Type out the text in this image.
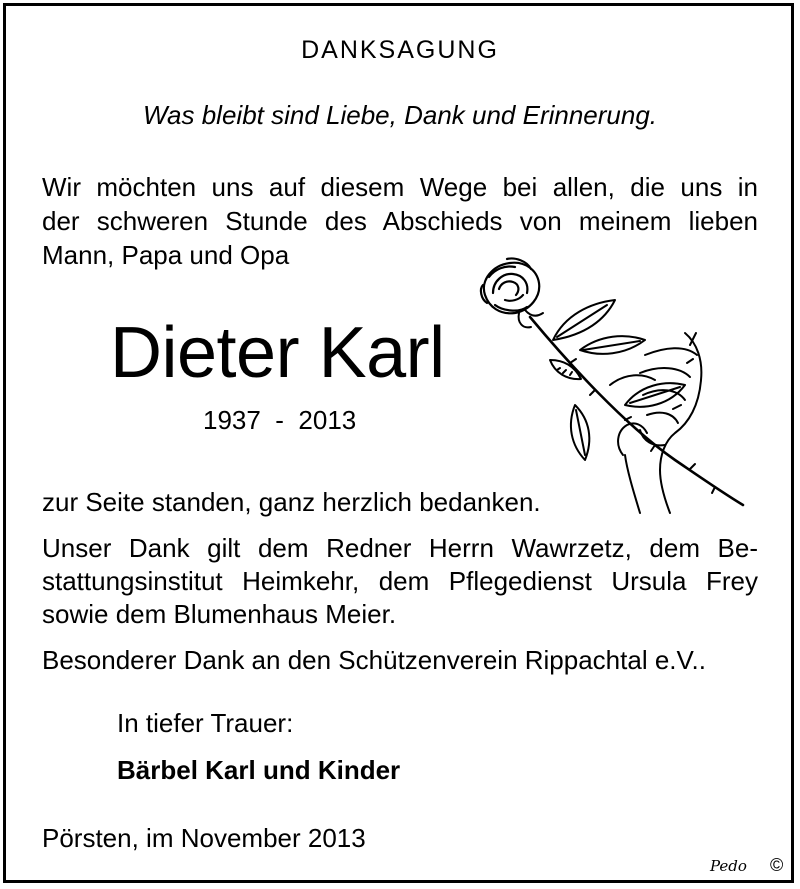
DANKSAGUNG
Was bleibt sind Liebe, Dank und Erinnerung.
Wir möchten uns auf diesem Wege bei allen, die uns in
der schweren Stunde des Abschieds von meinem lieben
Mann, Papa und Opa
Dieter Karl
1937  -  2013
zur Seite standen, ganz herzlich bedanken.
Unser Dank gilt dem Redner Herrn Wawrzetz, dem Be-
stattungsinstitut Heimkehr, dem Pflegedienst Ursula Frey
sowie dem Blumenhaus Meier.
Besonderer Dank an den Schützenverein Rippachtal e.V..
In tiefer Trauer:
Bärbel Karl und Kinder
Pörsten, im November 2013
Pedo ©
